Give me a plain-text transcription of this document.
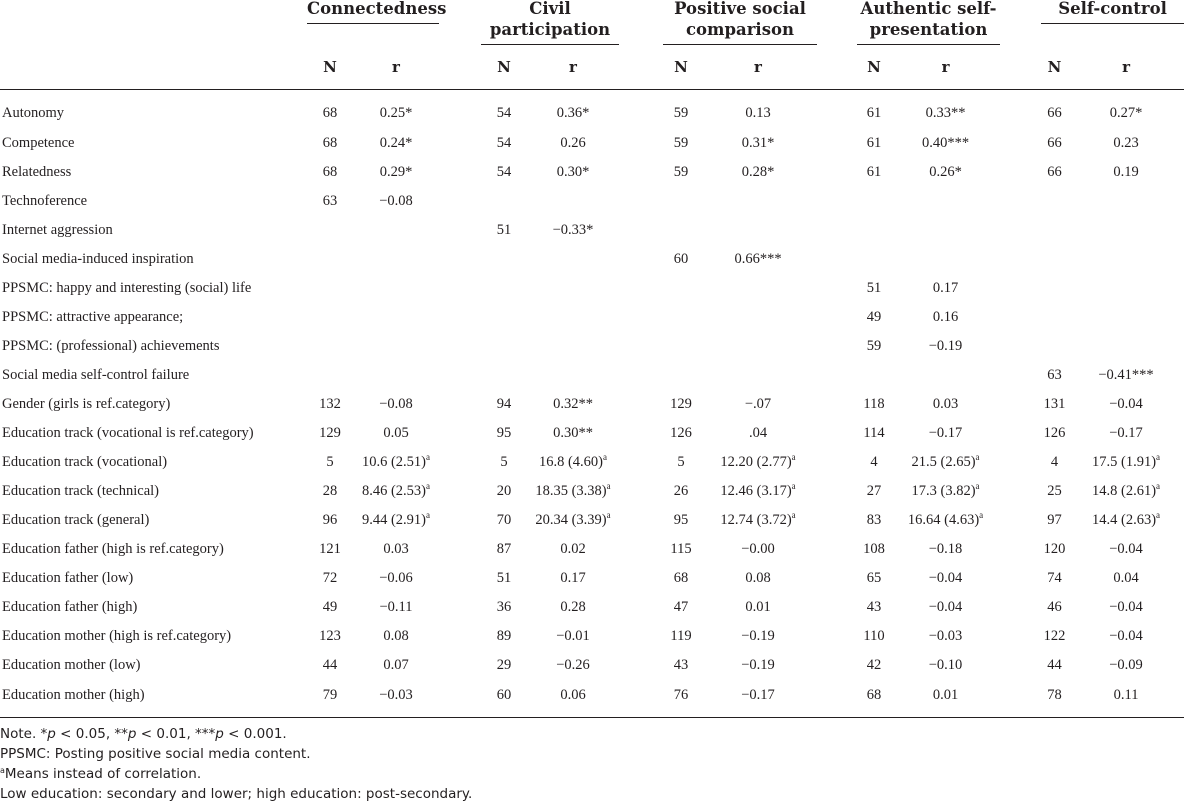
		Connectedness				Civil
participation				Positive social
comparison				Authentic self-
presentation				Self-control	

		N	r			N	r			N	r			N	r			N	r
Autonomy		68	0.25*			54	0.36*			59	0.13			61	0.33**			66	0.27*
Competence		68	0.24*			54	0.26			59	0.31*			61	0.40***			66	0.23
Relatedness		68	0.29*			54	0.30*			59	0.28*			61	0.26*			66	0.19
Technoference		63	−0.08																
Internet aggression						51	−0.33*												
Social media-induced inspiration										60	0.66***								
PPSMC: happy and interesting (social) life														51	0.17				
PPSMC: attractive appearance;														49	0.16				
PPSMC: (professional) achievements														59	−0.19				
Social media self-control failure																		63	−0.41***
Gender (girls is ref.category)		132	−0.08			94	0.32**			129	−.07			118	0.03			131	−0.04
Education track (vocational is ref.category)		129	0.05			95	0.30**			126	.04			114	−0.17			126	−0.17
Education track (vocational)		5	10.6 $(2.51)^a$			5	16.8 $(4.60)^a$			5	12.20 $(2.77)^a$			4	21.5 $(2.65)^a$			4	17.5 $(1.91)^a$
Education track (technical)		28	8.46 $(2.53)^a$			20	18.35 $(3.38)^a$			26	12.46 $(3.17)^a$			27	17.3 $(3.82)^a$			25	14.8 $(2.61)^a$
Education track (general)		96	9.44 $(2.91)^a$			70	20.34 $(3.39)^a$			95	12.74 $(3.72)^a$			83	16.64 $(4.63)^a$			97	14.4 $(2.63)^a$
Education father (high is ref.category)		121	0.03			87	0.02			115	−0.00			108	−0.18			120	−0.04
Education father (low)		72	−0.06			51	0.17			68	0.08			65	−0.04			74	0.04
Education father (high)		49	−0.11			36	0.28			47	0.01			43	−0.04			46	−0.04
Education mother (high is ref.category)		123	0.08			89	−0.01			119	−0.19			110	−0.03			122	−0.04
Education mother (low)		44	0.07			29	−0.26			43	−0.19			42	−0.10			44	−0.09
Education mother (high)		79	−0.03			60	0.06			76	−0.17			68	0.01			78	0.11
Note. *p < 0.05, **p < 0.01, ***p < 0.001.
PPSMC: Posting positive social media content.
$^a$Means instead of correlation.
Low education: secondary and lower; high education: post-secondary.
